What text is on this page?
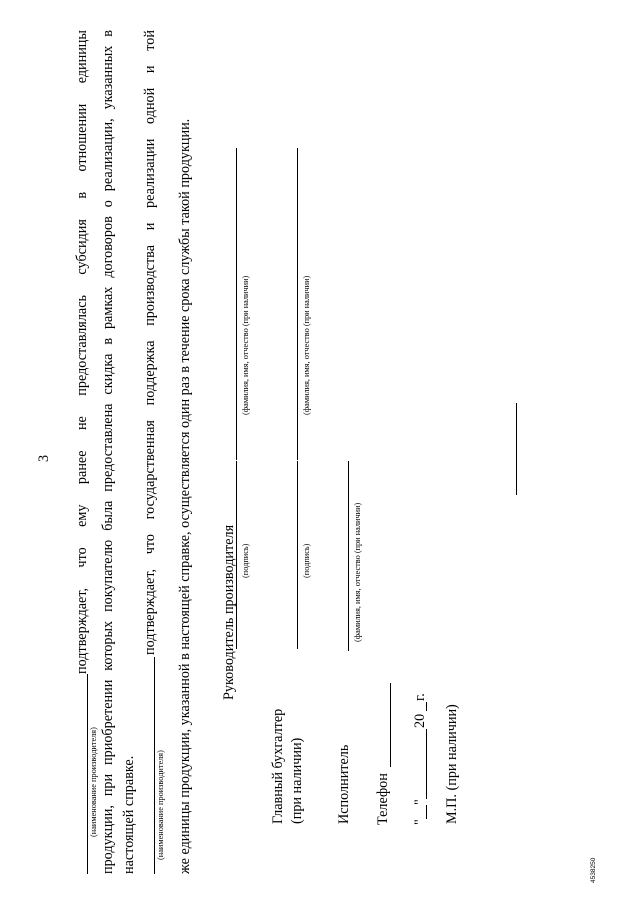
3
(наименование производителя)
подтверждает,
что
ему
ранее
не
предоставлялась
субсидия
в
отношении
единицы продукции, при приобретении которых покупателю была предоставлена скидка в рамках договоров о реализации, указанных в настоящей справке. (наименование производителя)
подтверждает,
что
государственная
поддержка
производства
и
реализации
одной
и
той
же единицы продукции, указанной в настоящей справке, осуществляется один раз в течение срока службы такой продукции. Руководитель производителя (подпись)
(фамилия, имя, отчество (при наличии)
Главный бухгалтер (при наличии)
(подпись)
(фамилия, имя, отчество (при наличии)
Исполнитель
(фамилия, имя, отчество (при наличии)
Телефон "
"
20
г.
М.П. (при наличии)
4538250
